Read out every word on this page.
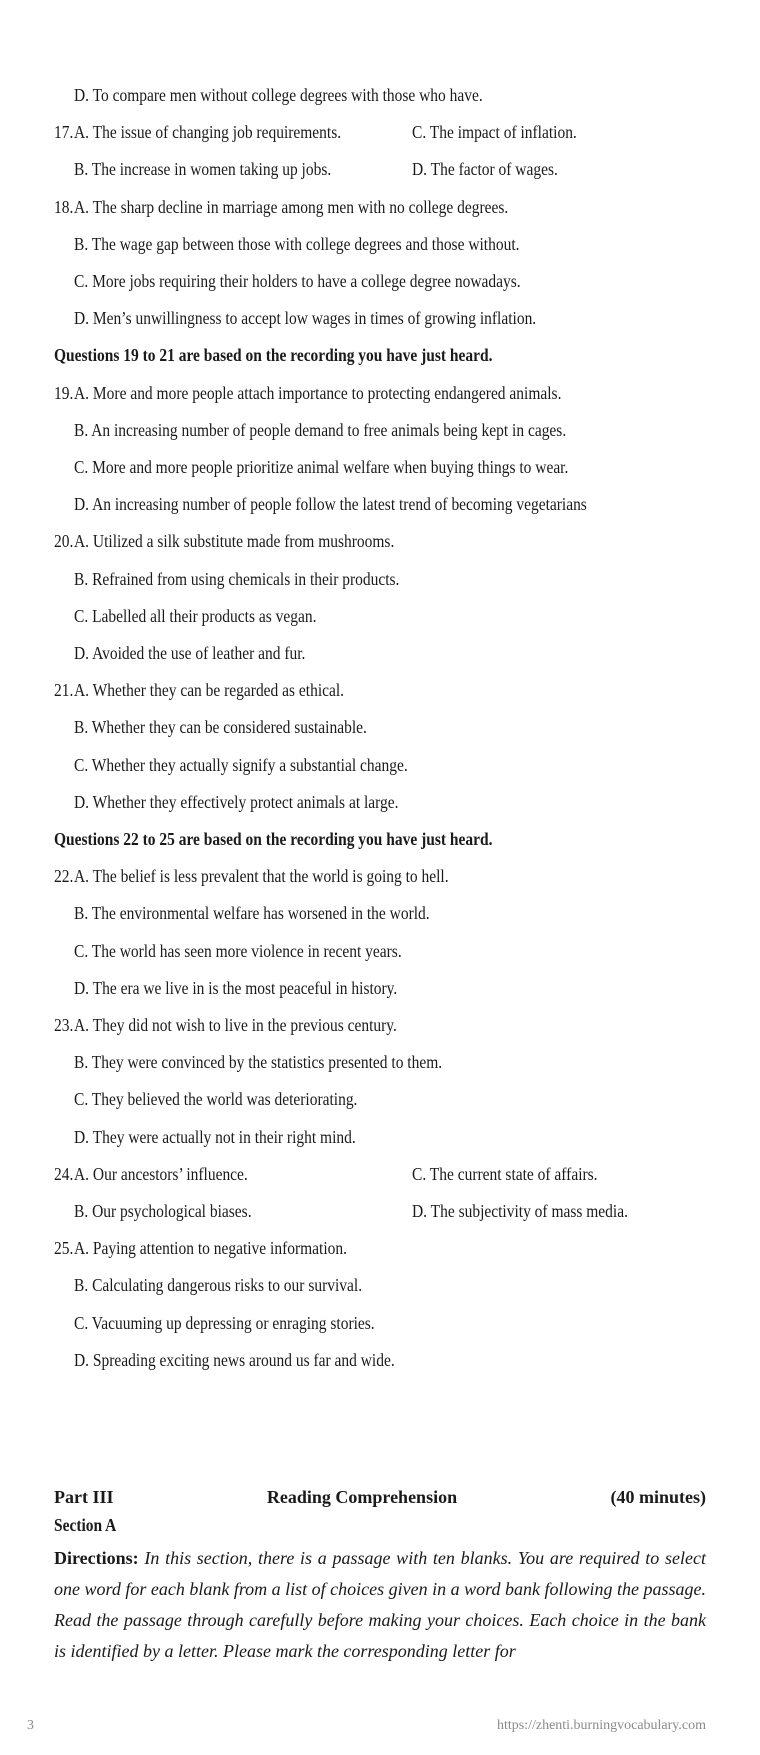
D. To compare men without college degrees with those who have.
17. A. The issue of changing job requirements.	C. The impact of inflation.
B. The increase in women taking up jobs.	D. The factor of wages.
18. A. The sharp decline in marriage among men with no college degrees.
B. The wage gap between those with college degrees and those without.
C. More jobs requiring their holders to have a college degree nowadays.
D. Men’s unwillingness to accept low wages in times of growing inflation.
Questions 19 to 21 are based on the recording you have just heard.
19. A. More and more people attach importance to protecting endangered animals.
B. An increasing number of people demand to free animals being kept in cages.
C. More and more people prioritize animal welfare when buying things to wear.
D. An increasing number of people follow the latest trend of becoming vegetarians
20. A. Utilized a silk substitute made from mushrooms.
B. Refrained from using chemicals in their products.
C. Labelled all their products as vegan.
D. Avoided the use of leather and fur.
21. A. Whether they can be regarded as ethical.
B. Whether they can be considered sustainable.
C. Whether they actually signify a substantial change.
D. Whether they effectively protect animals at large.
Questions 22 to 25 are based on the recording you have just heard.
22. A. The belief is less prevalent that the world is going to hell.
B. The environmental welfare has worsened in the world.
C. The world has seen more violence in recent years.
D. The era we live in is the most peaceful in history.
23. A. They did not wish to live in the previous century.
B. They were convinced by the statistics presented to them.
C. They believed the world was deteriorating.
D. They were actually not in their right mind.
24. A. Our ancestors’ influence.	C. The current state of affairs.
B. Our psychological biases.	D. The subjectivity of mass media.
25. A. Paying attention to negative information.
B. Calculating dangerous risks to our survival.
C. Vacuuming up depressing or enraging stories.
D. Spreading exciting news around us far and wide.
Part III	Reading Comprehension	(40 minutes)
Section A
Directions: In this section, there is a passage with ten blanks. You are required to select one word for each blank from a list of choices given in a word bank following the passage. Read the passage through carefully before making your choices. Each choice in the bank is identified by a letter. Please mark the corresponding letter for
3	https://zhenti.burningvocabulary.com
